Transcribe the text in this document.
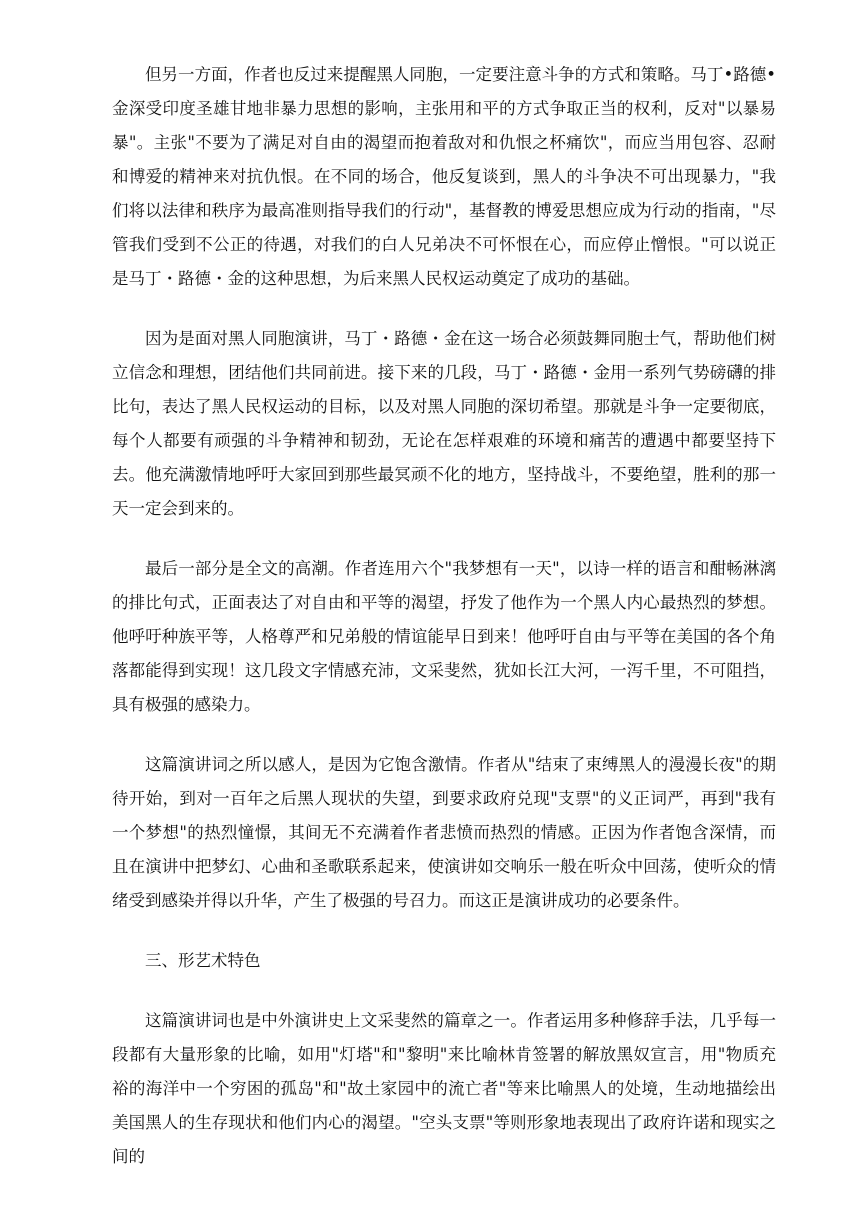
但另一方面，作者也反过来提醒黑人同胞，一定要注意斗争的方式和策略。马丁•路德•金深受印度圣雄甘地非暴力思想的影响，主张用和平的方式争取正当的权利，反对"以暴易暴"。主张"不要为了满足对自由的渴望而抱着敌对和仇恨之杯痛饮"，而应当用包容、忍耐和博爱的精神来对抗仇恨。在不同的场合，他反复谈到，黑人的斗争决不可出现暴力，"我们将以法律和秩序为最高准则指导我们的行动"，基督教的博爱思想应成为行动的指南，"尽管我们受到不公正的待遇，对我们的白人兄弟决不可怀恨在心，而应停止憎恨。"可以说正是马丁・路德・金的这种思想，为后来黑人民权运动奠定了成功的基础。

因为是面对黑人同胞演讲，马丁・路德・金在这一场合必须鼓舞同胞士气，帮助他们树立信念和理想，团结他们共同前进。接下来的几段，马丁・路德・金用一系列气势磅礴的排比句，表达了黑人民权运动的目标，以及对黑人同胞的深切希望。那就是斗争一定要彻底，每个人都要有顽强的斗争精神和韧劲，无论在怎样艰难的环境和痛苦的遭遇中都要坚持下去。他充满激情地呼吁大家回到那些最冥顽不化的地方，坚持战斗，不要绝望，胜利的那一天一定会到来的。

最后一部分是全文的高潮。作者连用六个"我梦想有一天"，以诗一样的语言和酣畅淋漓的排比句式，正面表达了对自由和平等的渴望，抒发了他作为一个黑人内心最热烈的梦想。他呼吁种族平等，人格尊严和兄弟般的情谊能早日到来！他呼吁自由与平等在美国的各个角落都能得到实现！这几段文字情感充沛，文采斐然，犹如长江大河，一泻千里，不可阻挡，具有极强的感染力。

这篇演讲词之所以感人，是因为它饱含激情。作者从"结束了束缚黑人的漫漫长夜"的期待开始，到对一百年之后黑人现状的失望，到要求政府兑现"支票"的义正词严，再到"我有一个梦想"的热烈憧憬，其间无不充满着作者悲愤而热烈的情感。正因为作者饱含深情，而且在演讲中把梦幻、心曲和圣歌联系起来，使演讲如交响乐一般在听众中回荡，使听众的情绪受到感染并得以升华，产生了极强的号召力。而这正是演讲成功的必要条件。

三、形艺术特色

这篇演讲词也是中外演讲史上文采斐然的篇章之一。作者运用多种修辞手法，几乎每一段都有大量形象的比喻，如用"灯塔"和"黎明"来比喻林肯签署的解放黑奴宣言，用"物质充裕的海洋中一个穷困的孤岛"和"故土家园中的流亡者"等来比喻黑人的处境，生动地描绘出美国黑人的生存现状和他们内心的渴望。"空头支票"等则形象地表现出了政府许诺和现实之间的
